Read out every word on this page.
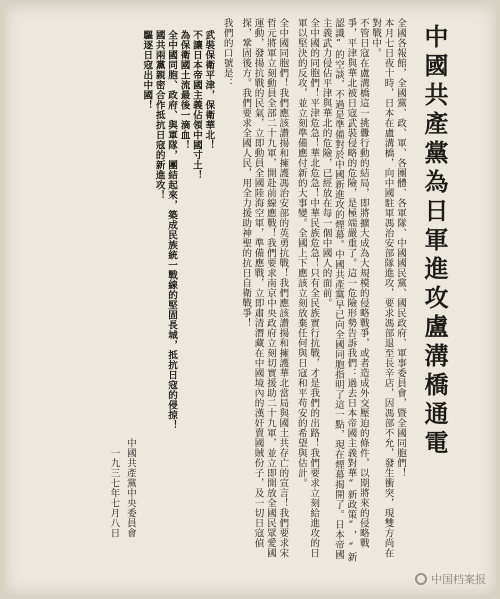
中國共產黨為日軍進攻盧溝橋通電
全國各報館，全國黨、政、軍、各團體、各軍隊、中國國民黨、國民政府、軍事委員會，暨全國同胞們！
本月七日夜十時，日本在盧溝橋，向中國駐軍馮治安部隊進攻，要求馮部退至長辛店，因馮部不允，發生衝突，現雙方尚在對戰中。
不管日寇在盧溝橋這一挑釁行動的結局，即將擴大成為大規模的侵略戰爭，或者造成外交壓迫的條件，以期將來的侵略戰爭，平津與華北被日寇武裝侵略的危險，是極端嚴重了。這一危險形勢告訴我們：過去日本帝國主義對華“新政策”，“新認識”的空談，不過是準備對於中國新進攻的煙幕。中國共產黨早已向全國同胞指明了這一點，現在煙幕揭開了。日本帝國主義武力侵佔平津與華北的危險，已經放在每一個中國人的面前。
全中國的同胞們！平津危急！華北危急！中華民族危急！只有全民族實行抗戰，才是我們的出路！我們要求立刻給進攻的日軍以堅決的反攻，並立刻準備應付新的大事變。全國上下應該立刻放棄任何與日寇和平苟安的希望與估計。
全中國同胞們！我們應該讚揚和擁護馮治安部的英勇抗戰！我們應該讚揚和擁護華北當局與國土共存亡的宣言！我們要求宋哲元將軍立刻動員全部二十九軍，開赴前線應戰！我們要求南京中央政府立刻切實援助二十九軍，並立即開放全國民眾愛國運動，發揚抗戰的民氣，立即動員全國陸海空軍，準備應戰，立即肅清潛藏在中國境內的漢奸賣國賊份子，及一切日寇偵探，鞏固後方。我們要求全國人民，用全力援助神聖的抗日自衛戰爭！
我們的口號是：
武裝保衛平津，保衛華北！
不讓日本帝國主義佔領中國寸土！
為保衛國土流最後一滴血！
全中國同胞、政府、與軍隊，團結起來，築成民族統一戰線的堅固長城，抵抗日寇的侵掠！
國共兩黨親密合作抵抗日寇的新進攻！
驅逐日寇出中國！
中國共產黨中央委員會
一九三七年七月八日
中国档案报
